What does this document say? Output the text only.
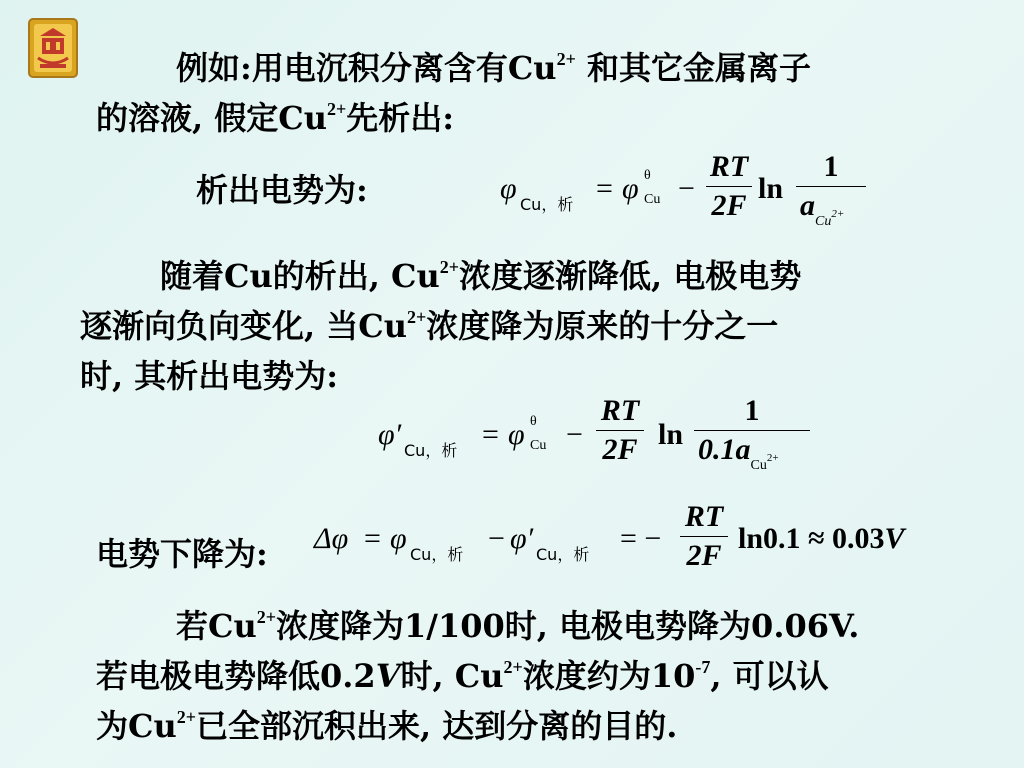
例如:用电沉积分离含有$Cu^{2+}$ 和其它金属离子
的溶液, 假定$Cu^{2+}$先析出:
析出电势为:	φ Cu，析 = φ θ
Cu −
RT
2F
ln
1
$a_{Cu}2+$
随着Cu的析出, $Cu^{2+}$浓度逐渐降低, 电极电势
逐渐向负向变化, 当$Cu^{2+}$浓度降为原来的十分之一
时, 其析出电势为:
φ′ Cu，析 = φ θ
Cu −
RT
2F ln
1
$0.1a_{Cu}2+$
电势下降为: Δφ = φ Cu，析 − φ′ Cu，析 = −
RT
2F
ln0.1 ≈ 0.03V
若$Cu^{2+}$浓度降为1/100时, 电极电势降为0.06V.
若电极电势降低0.2V时, $Cu^{2+}$浓度约为$10^{-7}$, 可以认
为$Cu^{2+}$已全部沉积出来, 达到分离的目的.
